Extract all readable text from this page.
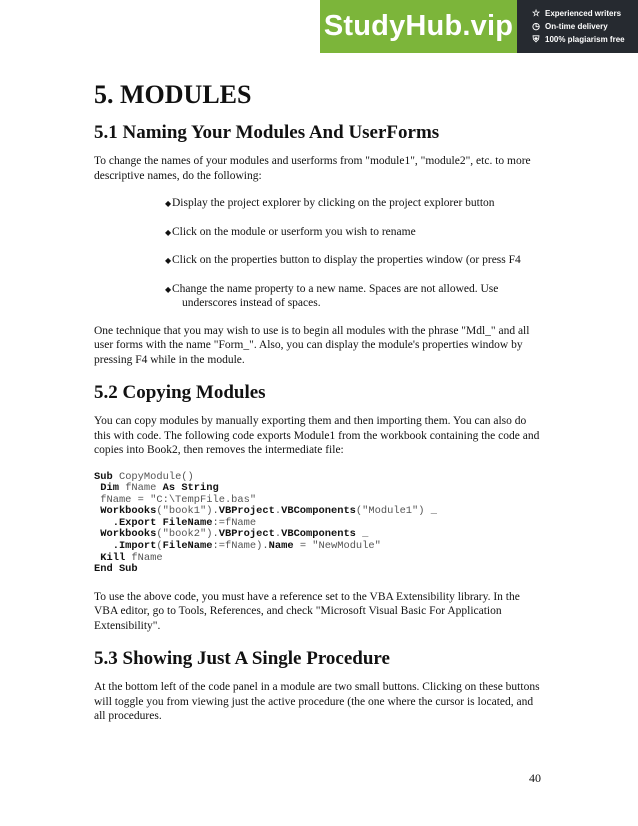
StudyHub.vip	☆ Experienced writers
◷ On-time delivery
⛨ 100% plagiarism free
5. MODULES
5.1 Naming Your Modules And UserForms

To change the names of your modules and userforms from "module1", "module2", etc. to more descriptive names, do the following:

◆ Display the project explorer by clicking on the project explorer button
◆ Click on the module or userform you wish to rename
◆ Click on the properties button to display the properties window (or press F4
◆ Change the name property to a new name. Spaces are not allowed. Use
underscores instead of spaces.

One technique that you may wish to use is to begin all modules with the phrase "Mdl_" and all user forms with the name "Form_". Also, you can display the module's properties window by pressing F4 while in the module.

5.2 Copying Modules

You can copy modules by manually exporting them and then importing them. You can also do this with code. The following code exports Module1 from the workbook containing the code and copies into Book2, then removes the intermediate file:

Sub CopyModule()
Dim fName As String
fName = "C:\TempFile.bas"
Workbooks("book1").VBProject.VBComponents("Module1") _
.Export FileName:=fName
Workbooks("book2").VBProject.VBComponents _
.Import(FileName:=fName).Name = "NewModule"
Kill fName
End Sub

To use the above code, you must have a reference set to the VBA Extensibility library. In the VBA editor, go to Tools, References, and check "Microsoft Visual Basic For Application Extensibility".

5.3 Showing Just A Single Procedure

At the bottom left of the code panel in a module are two small buttons. Clicking on these buttons will toggle you from viewing just the active procedure (the one where the cursor is located, and all procedures.

40
